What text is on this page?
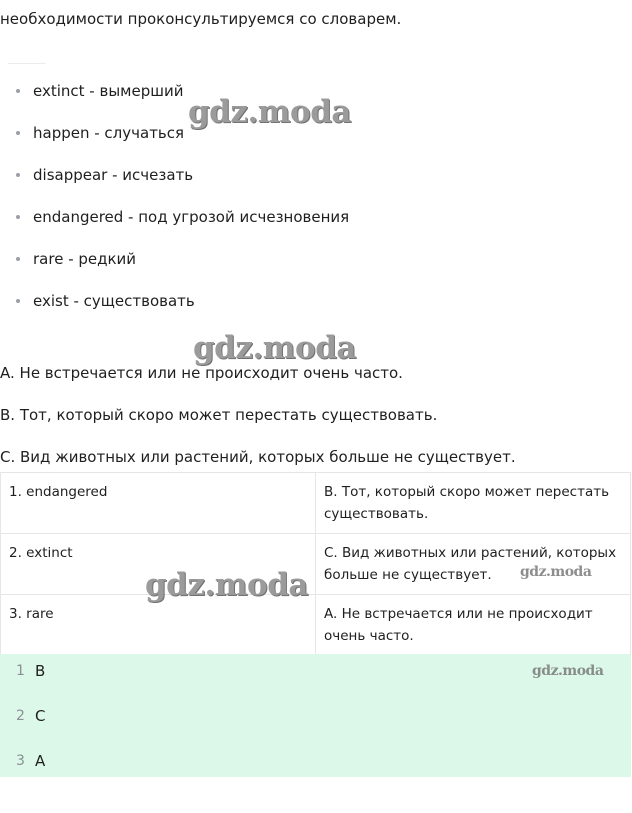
необходимости проконсультируемся со словарем.
extinct - вымерший
happen - случаться
disappear - исчезать
endangered - под угрозой исчезновения
rare - редкий
exist - существовать

A. Не встречается или не происходит очень часто.

B. Тот, который скоро может перестать существовать.

C. Вид животных или растений, которых больше не существует.

1. endangered	B. Тот, который скоро может перестать существовать.
2. extinct	C. Вид животных или растений, которых больше не существует.
3. rare	A. Не встречается или не происходит очень часто.
1 B
2 C
3 A
gdz.moda
gdz.moda
gdz.moda	gdz.moda
gdz.moda
